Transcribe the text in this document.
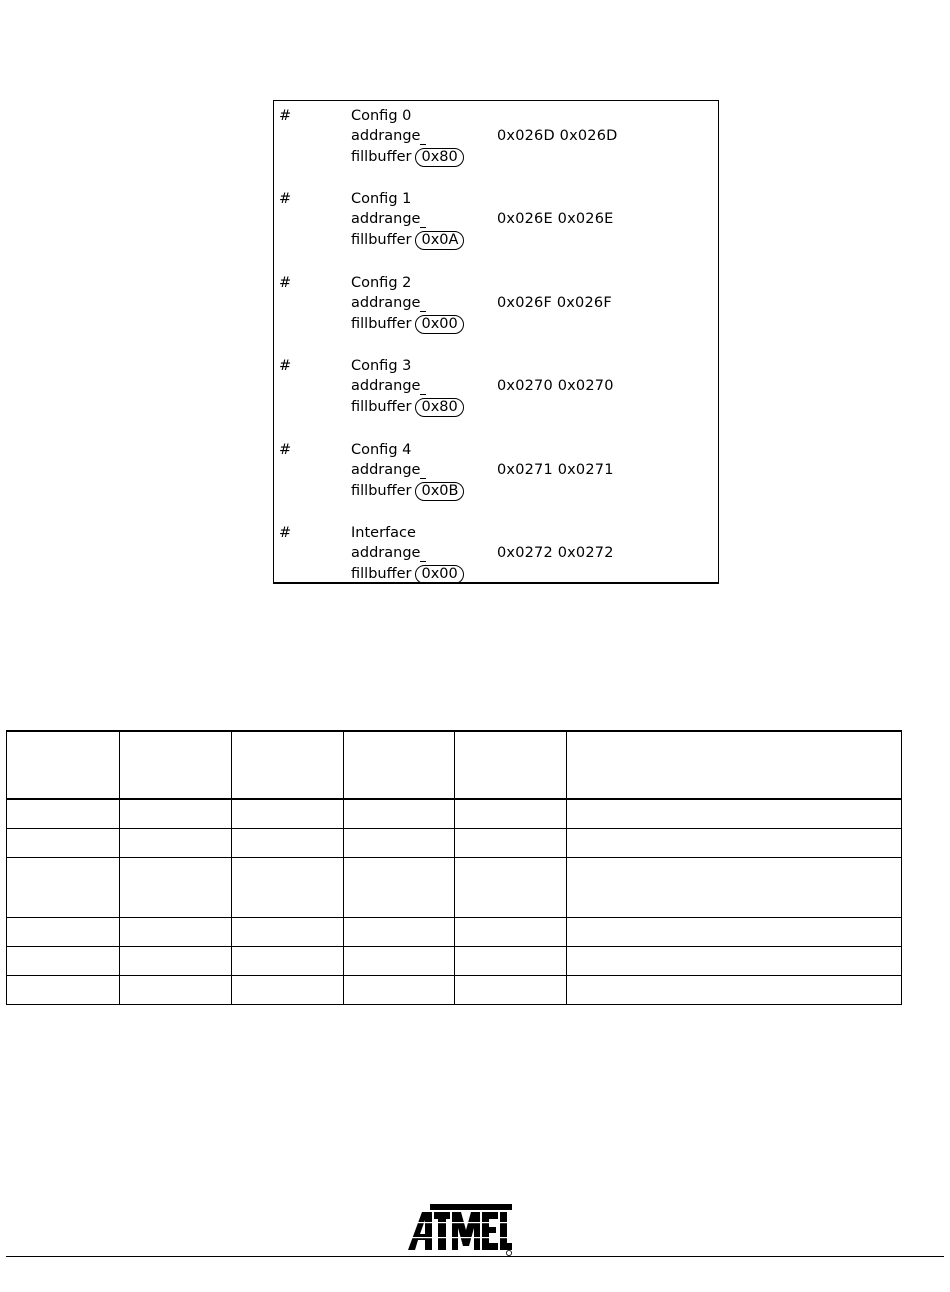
#	Config 0
addrange	0x026D 0x026D
fillbuffer 0x80
#	Config 1
addrange	0x026E 0x026E
fillbuffer 0x0A
#	Config 2
addrange	0x026F 0x026F
fillbuffer 0x00
#	Config 3
addrange	0x0270 0x0270
fillbuffer 0x80
#	Config 4
addrange	0x0271 0x0271
fillbuffer 0x0B
#	Interface
addrange	0x0272 0x0272
fillbuffer 0x00
